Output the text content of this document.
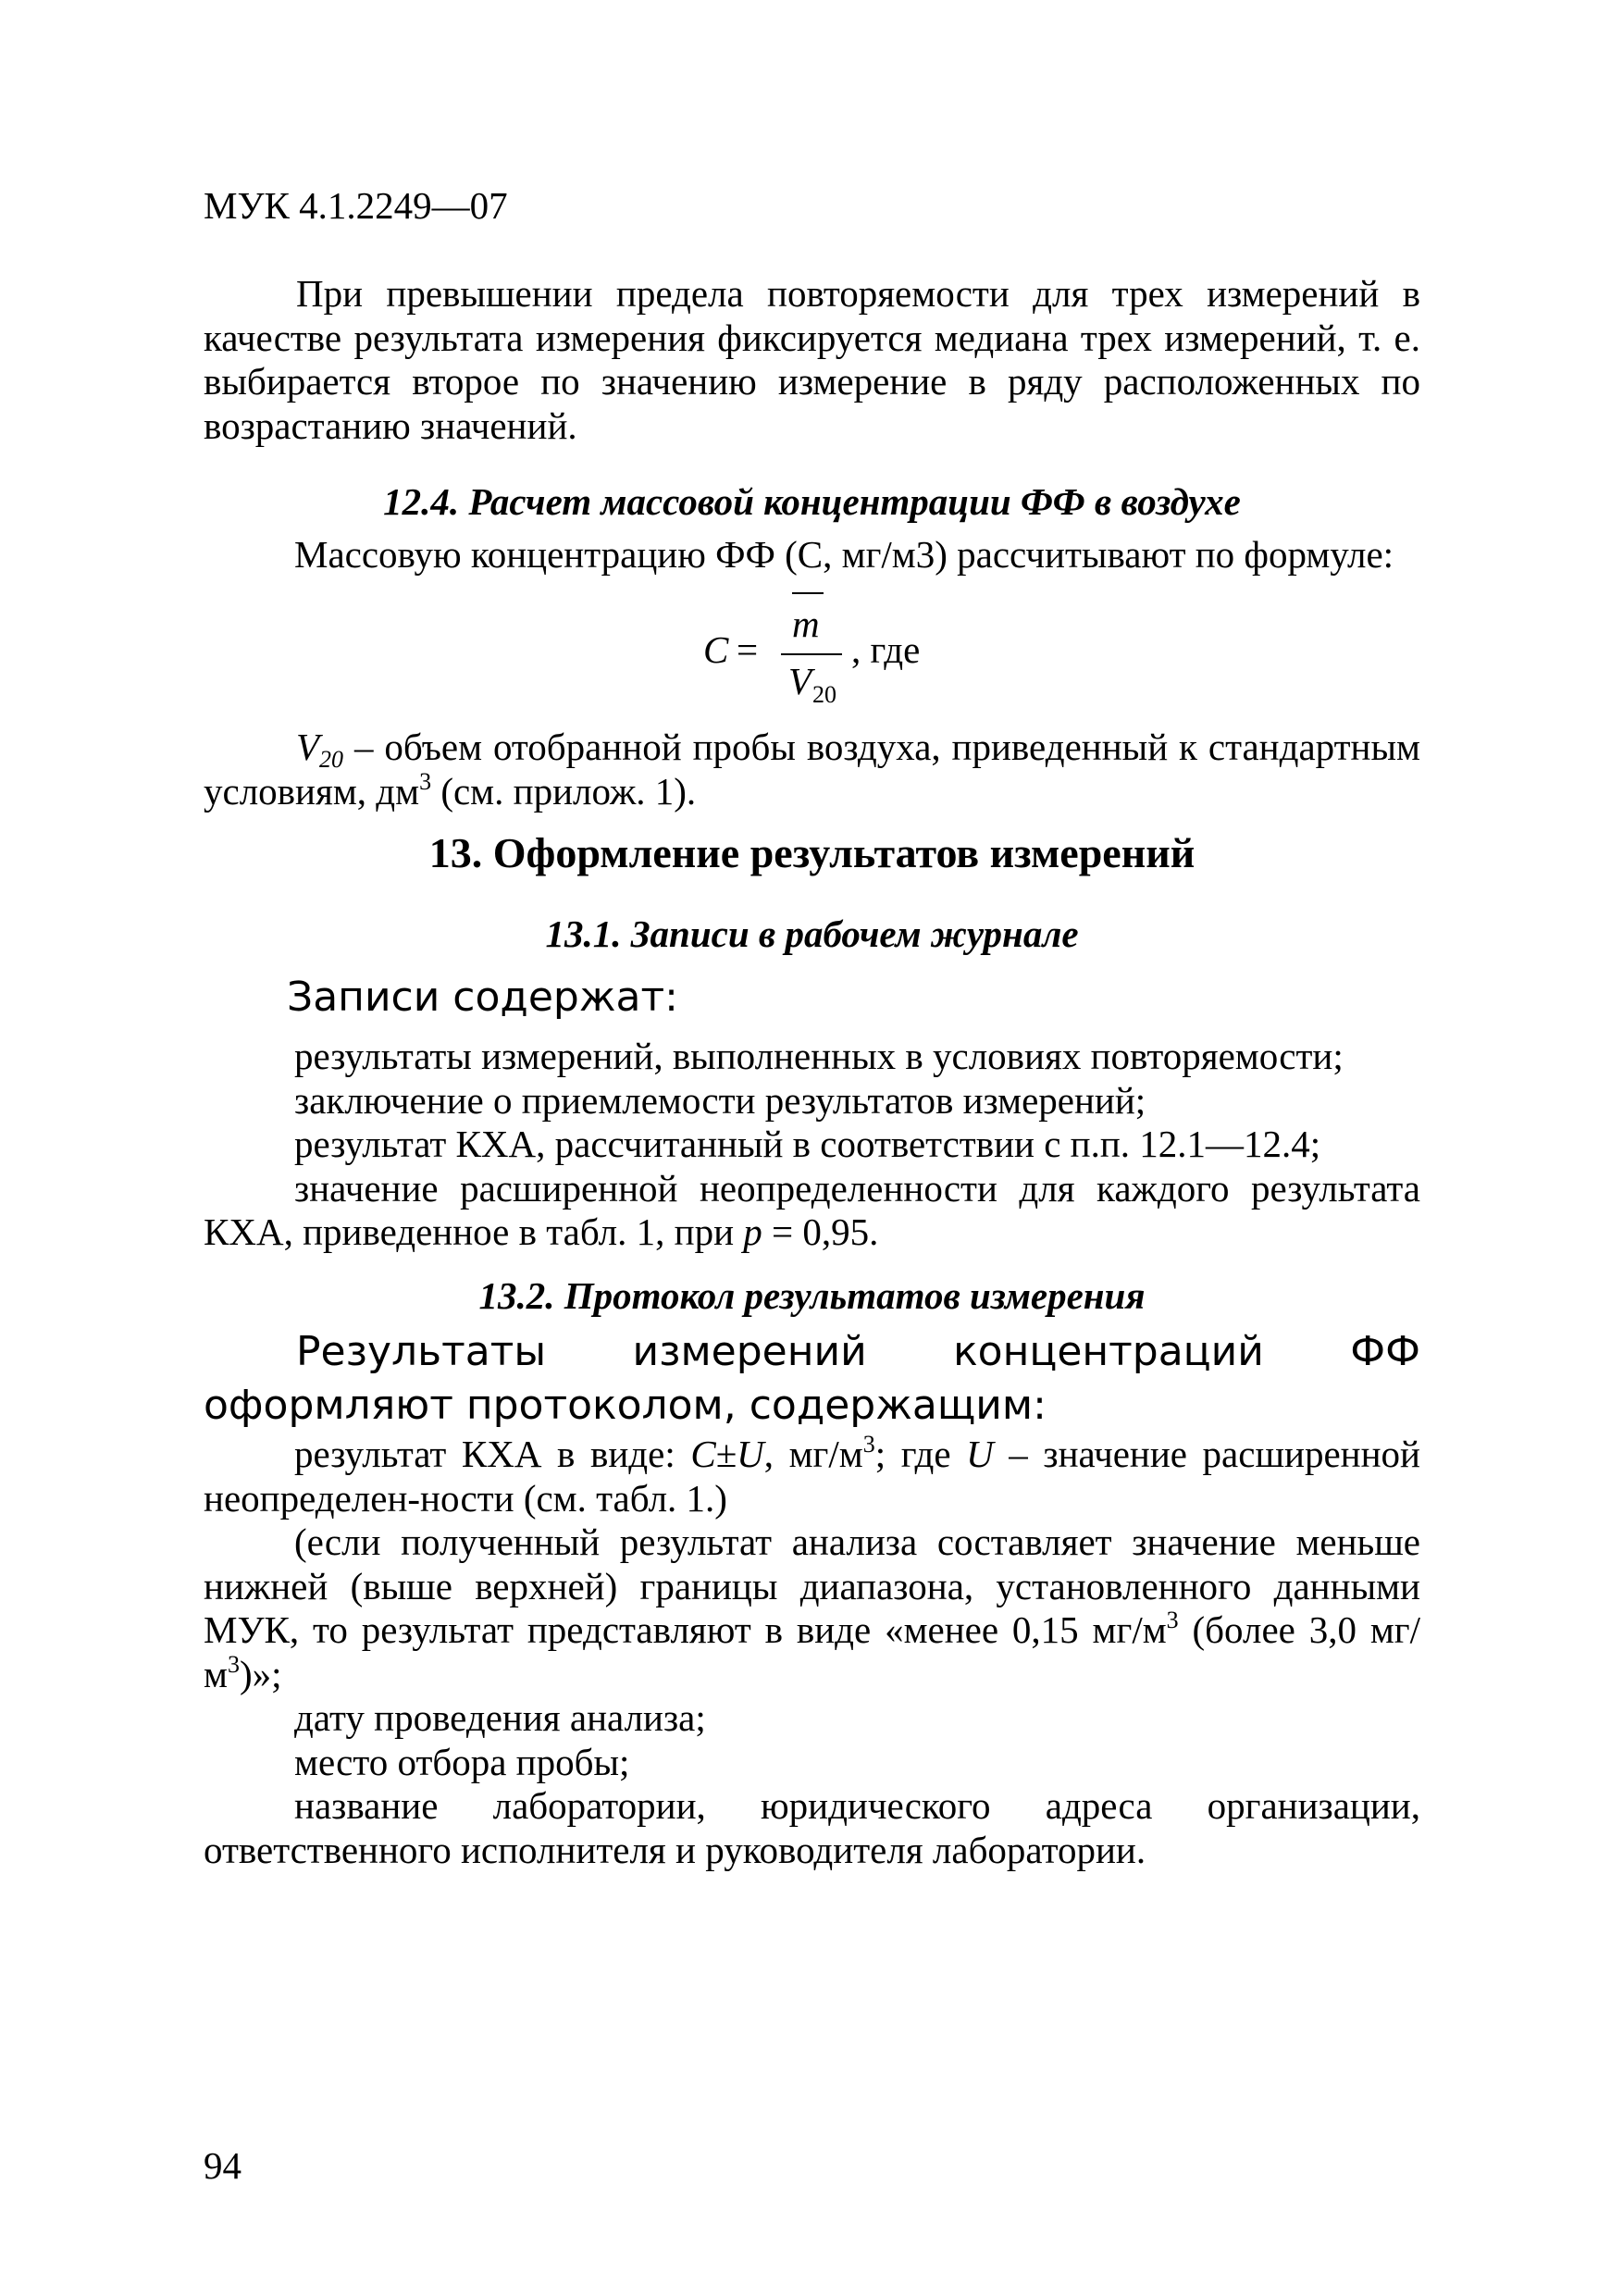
МУК 4.1.2249—07
При превышении предела повторяемости для трех измерений в качестве результата измерения фиксируется медиана трех измерений, т. е. выбирается второе по значению измерение в ряду расположенных по возрастанию значений.
12.4. Расчет массовой концентрации ФФ в воздухе
Массовую концентрацию ФФ (С, мг/м3) рассчитывают по формуле:
C =
m
V 20
, где
$V_{20}$ – объем отобранной пробы воздуха, приведенный к стандартным условиям, $дм^3$ (см. прилож. 1).
13. Оформление результатов измерений
13.1. Записи в рабочем журнале
Записи содержат:
результаты измерений, выполненных в условиях повторяемости;
заключение о приемлемости результатов измерений;
результат КХА, рассчитанный в соответствии с п.п. 12.1—12.4;
значение расширенной неопределенности для каждого результата КХА, приведенное в табл. 1, при р = 0,95.
13.2. Протокол результатов измерения
Результаты измерений концентраций ФФ оформляют протоколом, содержащим:
результат КХА в виде: C±U, $мг/м^3$; где U – значение расширенной неопределен-ности (см. табл. 1.)
(если полученный результат анализа составляет значение меньше нижней (выше верхней) границы диапазона, установленного данными МУК, то результат представляют в виде «менее 0,15 $мг/м^3$ (более 3,0 $мг/м^3$)»;
дату проведения анализа;
место отбора пробы;
название лаборатории, юридического адреса организации, ответственного исполнителя и руководителя лаборатории.
94
